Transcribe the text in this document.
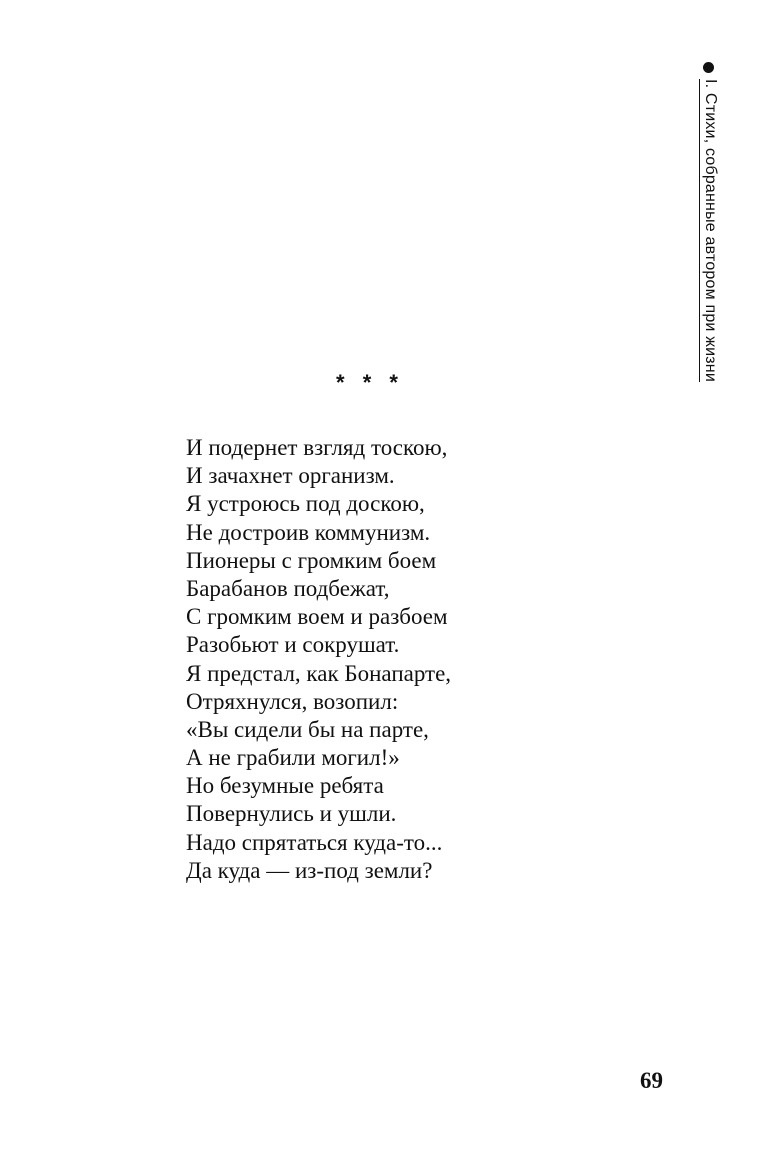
I. Стихи, собранные автором при жизни
* * *
И подернет взгляд тоскою,
И зачахнет организм.
Я устроюсь под доскою,
Не достроив коммунизм.
Пионеры с громким боем
Барабанов подбежат,
С громким воем и разбоем
Разобьют и сокрушат.
Я предстал, как Бонапарте,
Отряхнулся, возопил:
«Вы сидели бы на парте,
А не грабили могил!»
Но безумные ребята
Повернулись и ушли.
Надо спрятаться куда-то...
Да куда — из-под земли?
69
